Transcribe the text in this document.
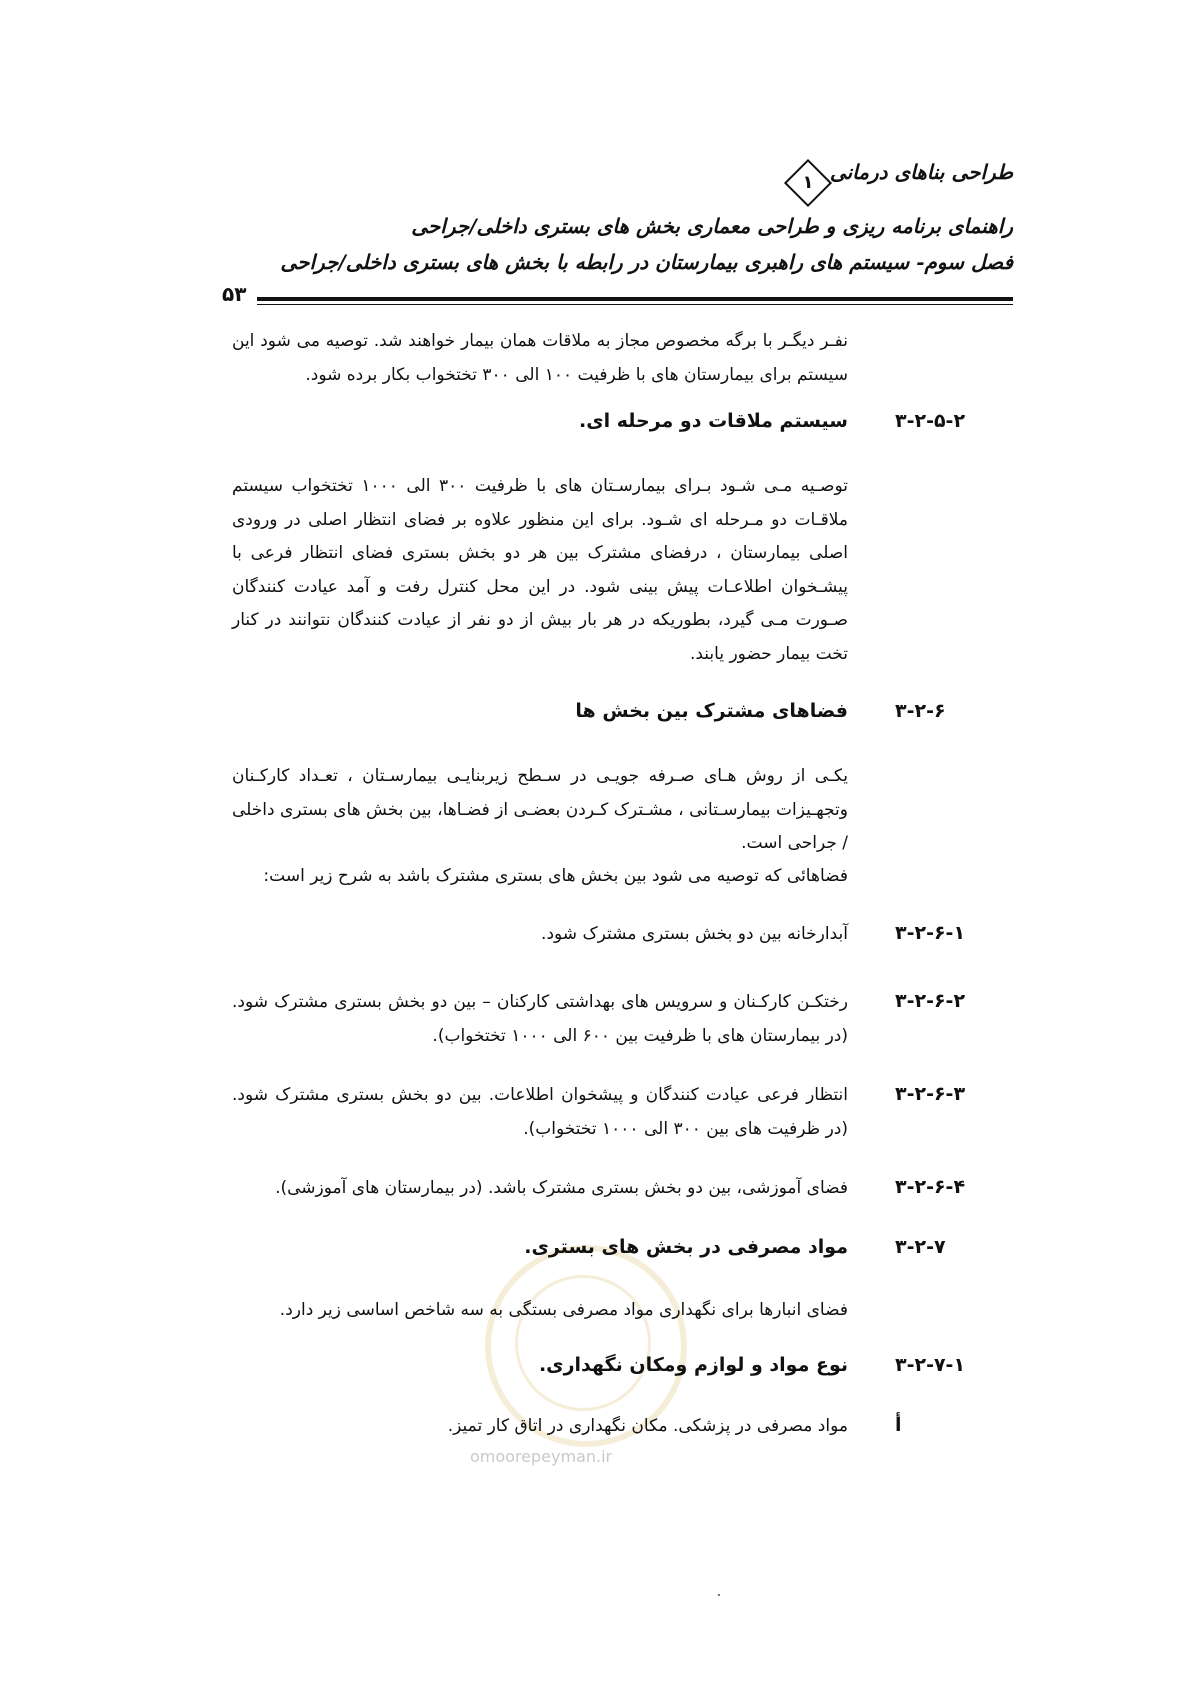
طراحی بناهای درمانی
۱
راهنمای برنامه ریزی و طراحی معماری بخش های بستری داخلی/جراحی
فصل سوم- سیستم های راهبری بیمارستان در رابطه با بخش های بستری داخلی/جراحی
۵۳
نفـر دیگـر با برگه مخصوص مجاز به ملاقات همان بیمار خواهند شد. توصیه می شود این سیستم برای بیمارستان های با ظرفیت ۱۰۰ الی ۳۰۰ تختخواب بکار برده شود.
۳-۲-۵-۲
سیستم ملاقات دو مرحله ای.
توصـیه مـی شـود بـرای بیمارسـتان های با ظرفیت ۳۰۰ الی ۱۰۰۰ تختخواب سیستم ملاقـات دو مـرحله ای شـود. برای این منظور علاوه بر فضای انتظار اصلی در ورودی اصلی بیمارستان ، درفضای مشترک بین هر دو بخش بستری فضای انتظار فرعی با پیشـخوان اطلاعـات پیش بینی شود. در این محل کنترل رفت و آمد عیادت کنندگان صـورت مـی گیرد، بطوریکه در هر بار بیش از دو نفر از عیادت کنندگان نتوانند در کنار تخت بیمار حضور یابند.
۳-۲-۶
فضاهای مشترک بین بخش ها
یکـی از روش هـای صـرفه جویـی در سـطح زیربنایـی بیمارسـتان ، تعـداد کارکـنان وتجهـیزات بیمارسـتانی ، مشـترک کـردن بعضـی از فضـاها، بین بخش های بستری داخلی / جراحی است.
فضاهائی که توصیه می شود بین بخش های بستری مشترک باشد به شرح زیر است:
۳-۲-۶-۱
آبدارخانه بین دو بخش بستری مشترک شود.
۳-۲-۶-۲
رختکـن کارکـنان و سرویس های بهداشتی کارکنان – بین دو بخش بستری مشترک شود. (در بیمارستان های با ظرفیت بین ۶۰۰ الی ۱۰۰۰ تختخواب).
۳-۲-۶-۳
انتظار فرعی عیادت کنندگان و پیشخوان اطلاعات. بین دو بخش بستری مشترک شود. (در ظرفیت های بین ۳۰۰ الی ۱۰۰۰ تختخواب).
۳-۲-۶-۴
فضای آموزشی، بین دو بخش بستری مشترک باشد. (در بیمارستان های آموزشی).
۳-۲-۷
مواد مصرفی در بخش های بستری.
فضای انبارها برای نگهداری مواد مصرفی بستگی به سه شاخص اساسی زیر دارد.
۳-۲-۷-۱
نوع مواد و لوازم ومکان نگهداری.
أ
مواد مصرفی در پزشکی. مکان نگهداری در اتاق کار تمیز.
omoorepeyman.ir
